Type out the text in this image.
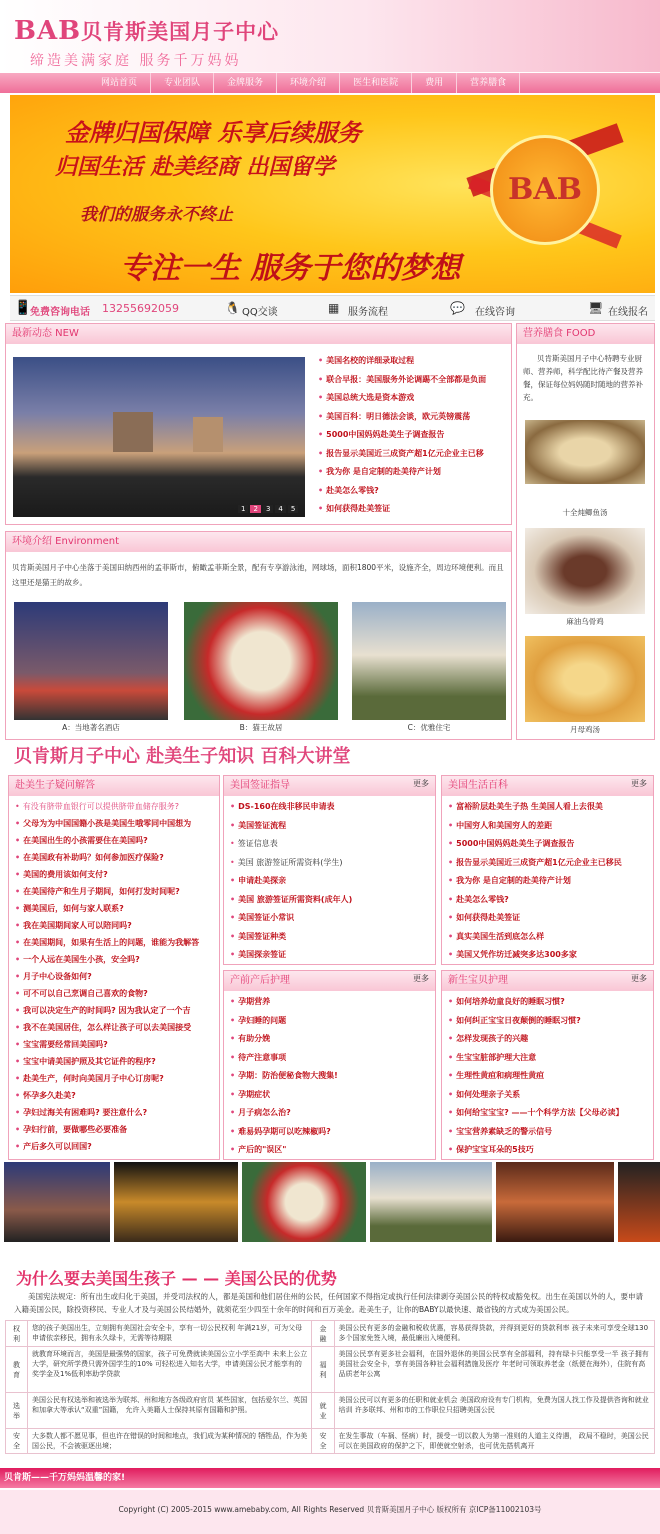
BAB贝肯斯美国月子中心
缔造美满家庭 服务千万妈妈
网站首页	专业团队	金牌服务	环境介绍	医生和医院	费用	营养膳食
BAB
金牌归国保障 乐享后续服务
归国生活 赴美经商 出国留学
我们的服务永不终止
专注一生 服务于您的梦想
📱
免费咨询电话 13255692059	🐧 QQ交谈	▦ 服务流程	💬 在线咨询	🖥 在线报名
最新动态 NEW
1	2	3	4	5
• 美国名校的详细录取过程
• 联合早报：美国服务外论调踢不全部都是负面
• 美国总统大选是资本游戏
• 美国百科：明日德法会谈，欧元英镑震荡
• 5000中国妈妈赴美生子调查报告
• 报告显示美国近三成资产超1亿元企业主已移
• 我为你 是自定制的赴美待产计划
• 赴美怎么零钱?
• 如何获得赴美签证
营养膳食 FOOD
贝肯斯美国月子中心特聘专业厨师、营养师，科学配比待产餐及营养餐，保证每位妈妈随时随地的营养补充。
十全炖鲫鱼汤
麻油乌骨鸡
月母鸡汤
环境介绍 Environment
贝肯斯美国月子中心坐落于美国田纳西州的孟菲斯市，俯瞰孟菲斯全景，配有专享游泳池，网球场，面积1800平米，设施齐全，周边环境便利。而且这里还是猫王的故乡。
A：当地著名酒店	B：猫王故居	C：优雅住宅
贝肯斯月子中心 赴美生子知识 百科大讲堂
赴美生子疑问解答
• 有没有脐带血银行可以提供脐带血储存服务?
• 父母为为中国国籍小孩是美国生哦零同中国想为
• 在美国出生的小孩需要住在美国吗?
• 在美国政有补助吗？如何参加医疗保险?
• 美国的费用该如何支付?
• 在美国待产和生月子期间，如何打发时间呢?
• 测美国后，如何与家人联系?
• 我在美国期间家人可以陪同吗?
• 在美国期间，如果有生活上的问题，谁能为我解答
• 一个人远在美国生小孩，安全吗?
• 月子中心设备如何?
• 可不可以自己烹调自己喜欢的食物?
• 我可以决定生产的时间吗? 因为我认定了一个吉
• 我不在美国居住，怎么样让孩子可以去美国接受
• 宝宝需要经常回美国吗?
• 宝宝中请美国护照及其它证件的程序?
• 赴美生产，何时向美国月子中心订房呢?
• 怀孕多久赴美?
• 孕妇过海关有困难吗? 要注意什么?
• 孕妇行前，要做哪些必要准备
• 产后多久可以回国?
美国签证指导	更多
• DS-160在线非移民申请表
• 美国签证流程
• 签证信息表
• 美国 旅游签证所需资料(学生)
• 申请赴美探亲
• 美国 旅游签证所需资料(成年人)
• 美国签证小常识
• 美国签证种类
• 美国探亲签证
美国生活百科	更多
• 富裕阶层赴美生子热 生美国人看上去很美
• 中国穷人和美国穷人的差距
• 5000中国妈妈赴美生子调查报告
• 报告显示美国近三成资产超1亿元企业主已移民
• 我为你 是自定制的赴美待产计划
• 赴美怎么零钱?
• 如何获得赴美签证
• 真实美国生活到底怎么样
• 美国又凭作坊迁减突多达300多家
产前产后护理	更多
• 孕期营养
• 孕妇睡的问题
• 有助分娩
• 待产注意事项
• 孕期：防治便秘食物大搜集!
• 孕期症状
• 月子病怎么治?
• 难易妈孕期可以吃辣椒吗?
• 产后的"误区"
新生宝贝护理	更多
• 如何培养幼童良好的睡眠习惯?
• 如何纠正宝宝日夜颠倒的睡眠习惯?
• 怎样发现孩子的兴趣
• 生宝宝脏部护理大注意
• 生理性黄疸和病理性黄疸
• 如何处理亲子关系
• 如何给宝宝宝? ——十个科学方法【父母必读】
• 宝宝营养素缺乏的警示信号
• 保护宝宝耳朵的5技巧
为什么要去美国生孩子 — — 美国公民的优势
美国宪法规定：所有出生或归化于美国，并受司法权的人，都是美国和他们居住州的公民，任何国家不得指定或执行任何法律剥夺美国公民的特权或豁免权。出生在美国以外的人，要申请入籍美国公民，除投资移民、专业人才及与美国公民结婚外，就须花至少四至十余年的时间和百万美金。赴美生子，让你的BABY以最快速、最省钱的方式成为美国公民。
权利	您的孩子美国出生，立刻拥有美国社会安全卡，享有一切公民权利 年满21岁，可为父母申请依亲移民，拥有永久绿卡，无需等待期限	金融	美国公民有更多的金融和税收优惠，容易获得贷款，并得到更好的贷款利率 孩子未来可享受全球130多个国家免签入境，最低廉出入境便利。
教育	就教育环境而言，美国是最强势的国家，孩子可免费就读美国公立小学至高中 未来上公立大学，研究所学费只需外国学生的10% 可轻松进入知名大学，申请美国公民才能享有的奖学金及1%低利率助学贷款	福利	美国公民享有更多社会福利，在国外退休的美国公民享有全部福利，持有绿卡只能享受一半 孩子拥有美国社会安全卡，享有美国各种社会福利措施及医疗 年老时可领取养老金（纸便在海外），住院有高品质老年公寓
选举	美国公民有权选举和被选举为联邦、州和地方各级政府官员 某些国家，包括爱尔兰、英国和加拿大等承认“双重”国籍， 允许入美籍人士保持其原有国籍和护照。	就业	美国公民可以有更多的任职和就业机会 美国政府设有专门机构，免费为国人找工作及提供咨询和就业培训 许多联邦、州和市的工作职位只招聘美国公民
安全	大多数人都不愿见事，但也许在错误的时间和地点，我们成为某种情况的 牺牲品，作为美国公民，不会被驱逐出境；	安全	在发生事故（车祸、怪病）时，援受一切以救人为第一准则的人道主义待遇， 政局不稳时，美国公民可以在美国政府的保护之下，即使就空射杀，也可优先搭机离开
贝肯斯——千万妈妈温馨的家!
Copyright (C) 2005-2015 www.amebaby.com, All Rights Reserved 贝肯斯美国月子中心 版权所有 京ICP备11002103号
